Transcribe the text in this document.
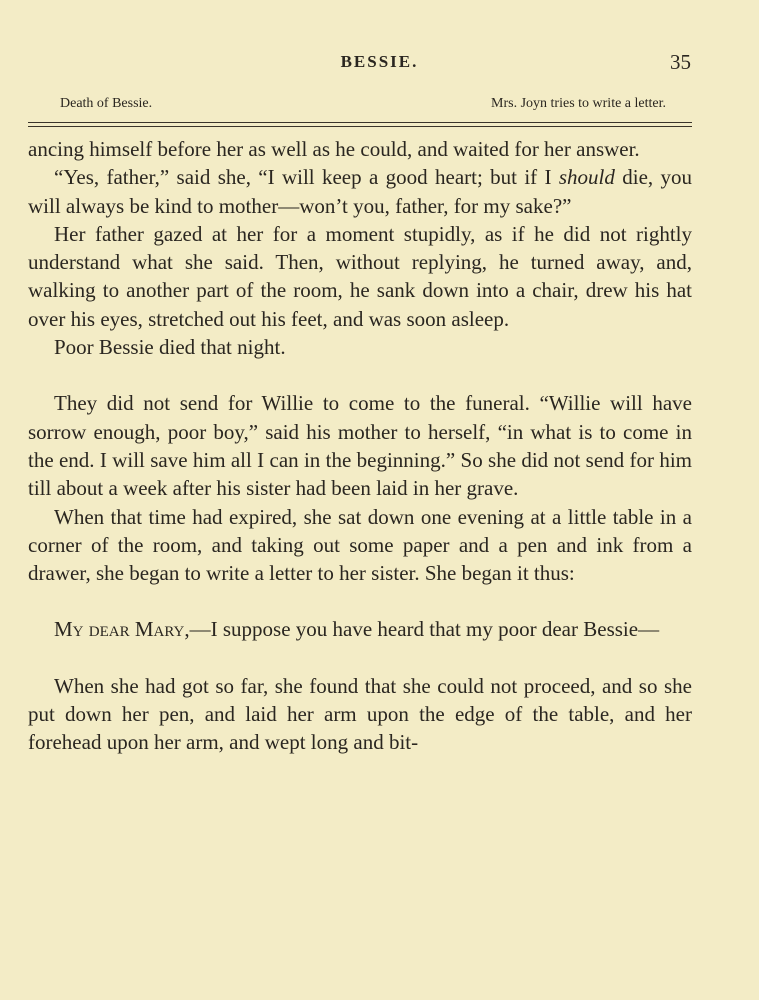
BESSIE.	35
Death of Bessie.	Mrs. Joyn tries to write a letter.

ancing himself before her as well as he could, and waited for her answer.

“Yes, father,” said she, “I will keep a good heart; but if I should die, you will always be kind to mother—won’t you, father, for my sake?”

Her father gazed at her for a moment stupidly, as if he did not rightly understand what she said. Then, without replying, he turned away, and, walking to another part of the room, he sank down into a chair, drew his hat over his eyes, stretched out his feet, and was soon asleep.

Poor Bessie died that night.

They did not send for Willie to come to the funeral. “Willie will have sorrow enough, poor boy,” said his mother to herself, “in what is to come in the end. I will save him all I can in the beginning.” So she did not send for him till about a week after his sister had been laid in her grave.

When that time had expired, she sat down one evening at a little table in a corner of the room, and taking out some paper and a pen and ink from a drawer, she began to write a letter to her sister. She began it thus:

My dear Mary,—I suppose you have heard that my poor dear Bessie—

When she had got so far, she found that she could not proceed, and so she put down her pen, and laid her arm upon the edge of the table, and her forehead upon her arm, and wept long and bit-
